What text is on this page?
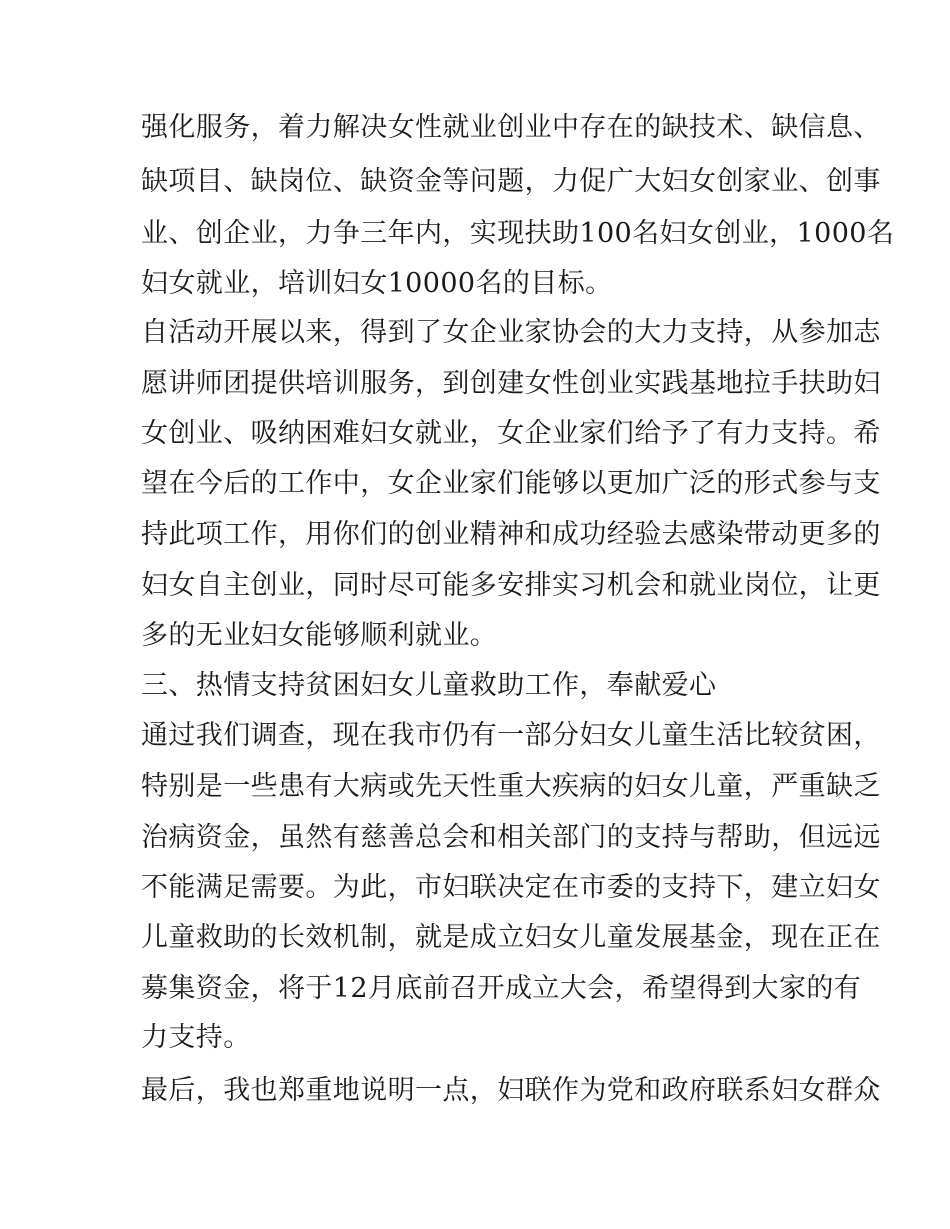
强化服务，着力解决女性就业创业中存在的缺技术、缺信息、
缺项目、缺岗位、缺资金等问题，力促广大妇女创家业、创事
业、创企业，力争三年内，实现扶助100名妇女创业，1000名
妇女就业，培训妇女10000名的目标。
自活动开展以来，得到了女企业家协会的大力支持，从参加志
愿讲师团提供培训服务，到创建女性创业实践基地拉手扶助妇
女创业、吸纳困难妇女就业，女企业家们给予了有力支持。希
望在今后的工作中，女企业家们能够以更加广泛的形式参与支
持此项工作，用你们的创业精神和成功经验去感染带动更多的
妇女自主创业，同时尽可能多安排实习机会和就业岗位，让更
多的无业妇女能够顺利就业。
三、热情支持贫困妇女儿童救助工作，奉献爱心
通过我们调查，现在我市仍有一部分妇女儿童生活比较贫困，
特别是一些患有大病或先天性重大疾病的妇女儿童，严重缺乏
治病资金，虽然有慈善总会和相关部门的支持与帮助，但远远
不能满足需要。为此，市妇联决定在市委的支持下，建立妇女
儿童救助的长效机制，就是成立妇女儿童发展基金，现在正在
募集资金，将于12月底前召开成立大会，希望得到大家的有
力支持。
最后，我也郑重地说明一点，妇联作为党和政府联系妇女群众
